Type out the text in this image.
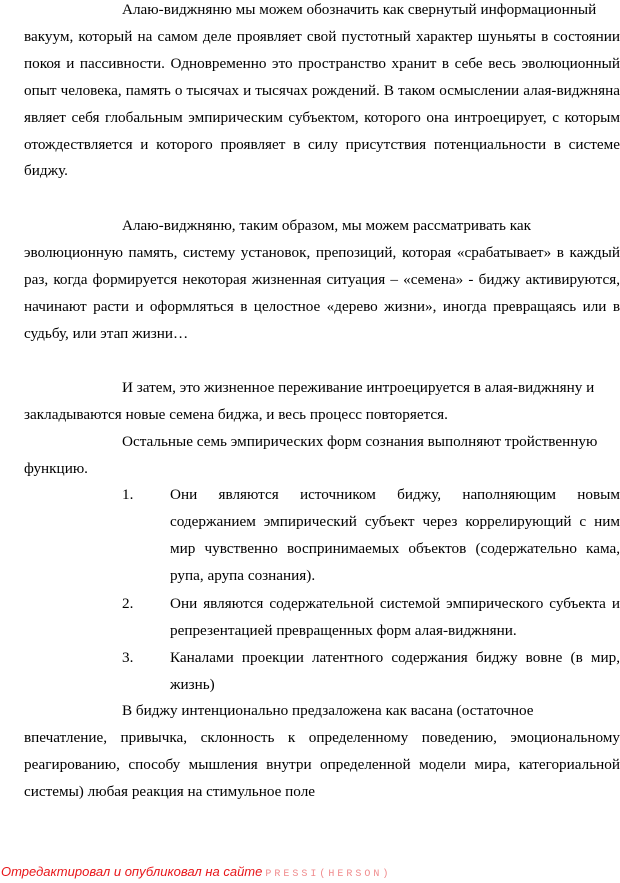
Алаю-виджняню мы можем обозначить как свернутый информационный
вакуум, который на самом деле проявляет свой пустотный характер шуньяты в состоянии покоя и пассивности. Одновременно это пространство хранит в себе весь эволюционный опыт человека, память о тысячах и тысячах рождений. В таком осмыслении алая-виджняна являет себя глобальным эмпирическим субъектом, которого она интроецирует, с которым отождествляется и которого проявляет в силу присутствия потенциальности в системе биджу.
Алаю-виджняню, таким образом, мы можем рассматривать как
эволюционную память, систему установок, препозиций, которая «срабатывает» в каждый раз, когда формируется некоторая жизненная ситуация – «семена» - биджу активируются, начинают расти и оформляться в целостное «дерево жизни», иногда превращаясь или в судьбу, или этап жизни…
И затем, это жизненное переживание интроецируется в алая-виджняну и
закладываются новые семена биджа, и весь процесс повторяется.
Остальные семь эмпирических форм сознания выполняют тройственную
функцию.
1. Они являются источником биджу, наполняющим новым содержанием эмпирический субъект через коррелирующий с ним мир чувственно воспринимаемых объектов (содержательно кама, рупа, арупа сознания).
2. Они являются содержательной системой эмпирического субъекта и репрезентацией превращенных форм алая-виджняни.
3. Каналами проекции латентного содержания биджу вовне (в мир, жизнь)
В биджу интенционально предзаложена как васана (остаточное
впечатление, привычка, склонность к определенному поведению, эмоциональному реагированию, способу мышления внутри определенной модели мира, категориальной системы) любая реакция на стимульное поле
Отредактировал и опубликовал на сайте PRESSI(HERSON)
